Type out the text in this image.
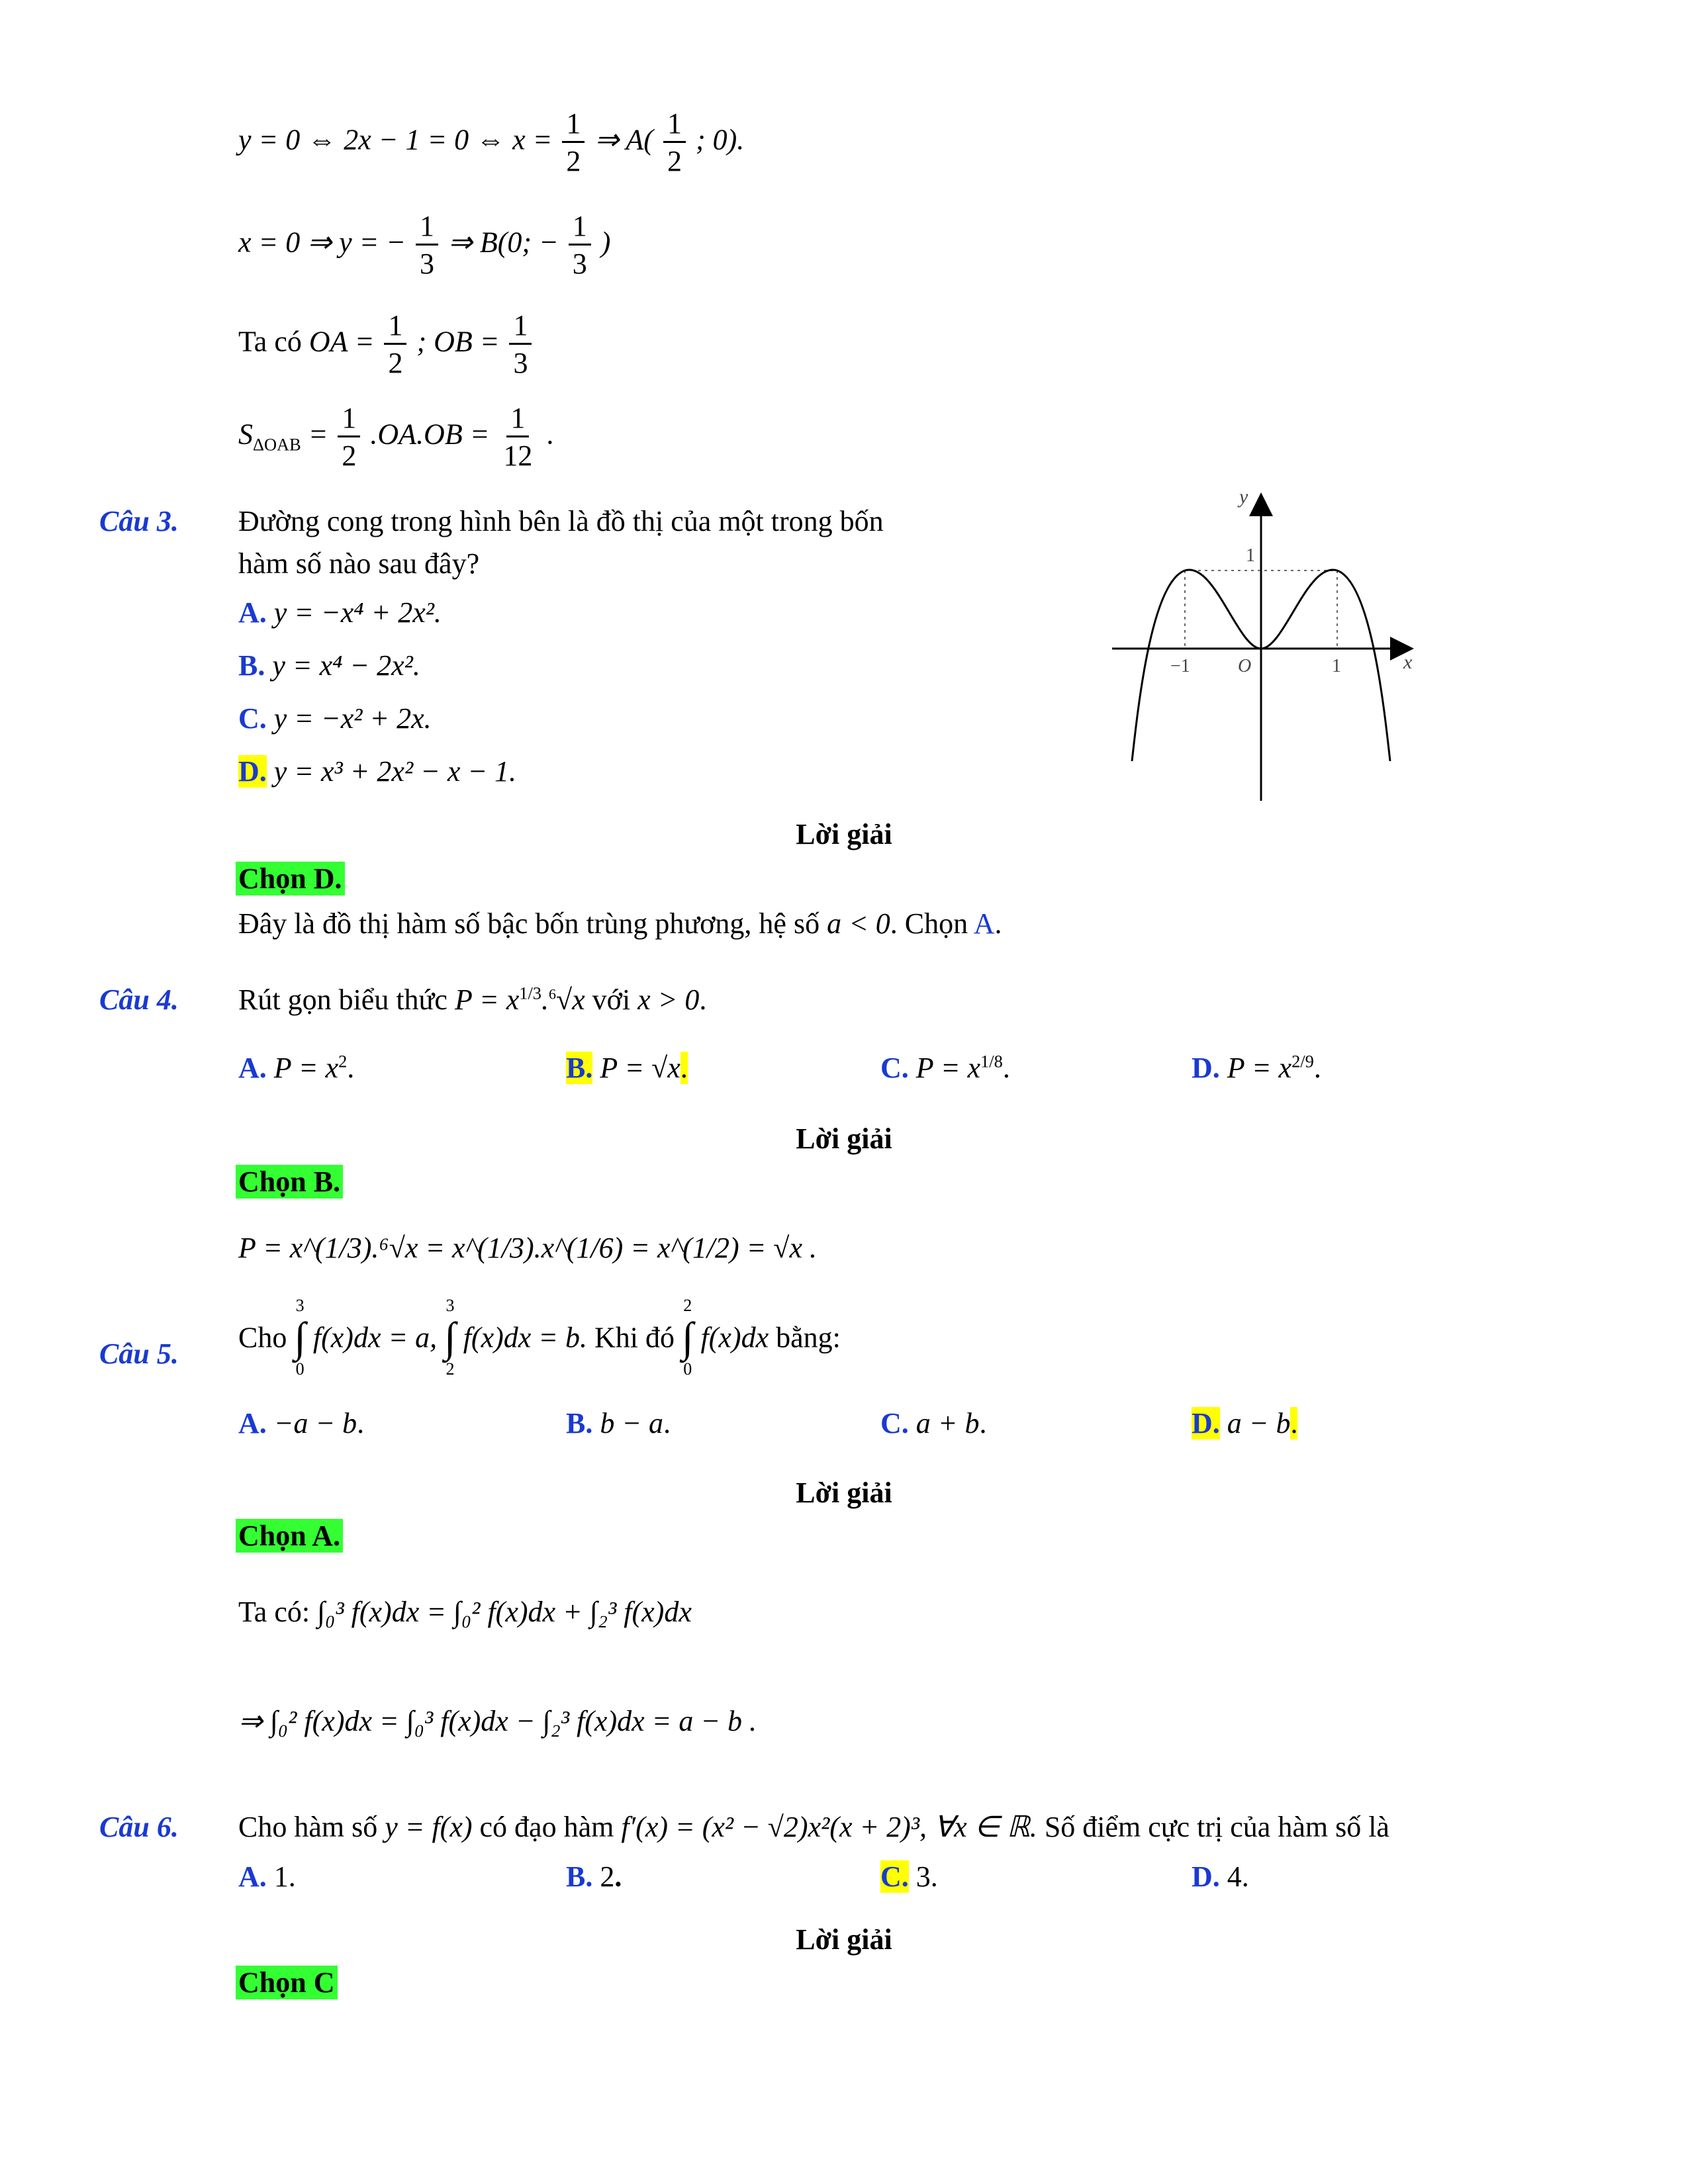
y = 0 ⇔ 2x − 1 = 0 ⇔ $x = \frac{1}{2}$ ⇒ $A( \frac{1}{2}$ ; 0).
x = 0 ⇒ y = − $\frac{1}{3}$ ⇒ B(0; − $\frac{1}{3}$ )
Ta có OA = $\frac{1}{2}$ ; OB = $\frac{1}{3}$
$S_{\Delta OAB} = \frac{1}{2} .OA.OB = \frac{1}{12}$ .
Câu 3. Đường cong trong hình bên là đồ thị của một trong bốn
hàm số nào sau đây?
A. y = −x⁴ + 2x².
B. y = x⁴ − 2x².
C. y = −x² + 2x.
D. y = x³ + 2x² − x − 1.
y
x
1
−1	O	1
Lời giải
Chọn D.
Đây là đồ thị hàm số bậc bốn trùng phương, hệ số a < 0. Chọn A.
Câu 4. Rút gọn biểu thức $P = x^{1/3}.^6√x$ với x > 0.
A. $P = x^2$.	B. P = √x.	C. $P = x^{1/8}$.	D. $P = x^{2/9}$.
Lời giải
Chọn B.
P = x^(1/3).⁶√x = x^(1/3).x^(1/6) = x^(1/2) = √x .
Câu 5. Cho
3
∫
0
f(x)dx = a,
3
∫
2
f(x)dx = b. Khi đó
2
∫
0
f(x)dx bằng:
A. −a − b.	B. b − a.	C. a + b.	D. a − b.
Lời giải
Chọn A.
Ta có: ∫₀³ f(x)dx = ∫₀² f(x)dx + ∫₂³ f(x)dx
⇒ ∫₀² f(x)dx = ∫₀³ f(x)dx − ∫₂³ f(x)dx = a − b .
Câu 6. Cho hàm số y = f(x) có đạo hàm f′(x) = (x² − √2)x²(x + 2)³, ∀x ∈ ℝ. Số điểm cực trị của hàm số là
A. 1.	B. 2.	C. 3.	D. 4.
Lời giải
Chọn C
